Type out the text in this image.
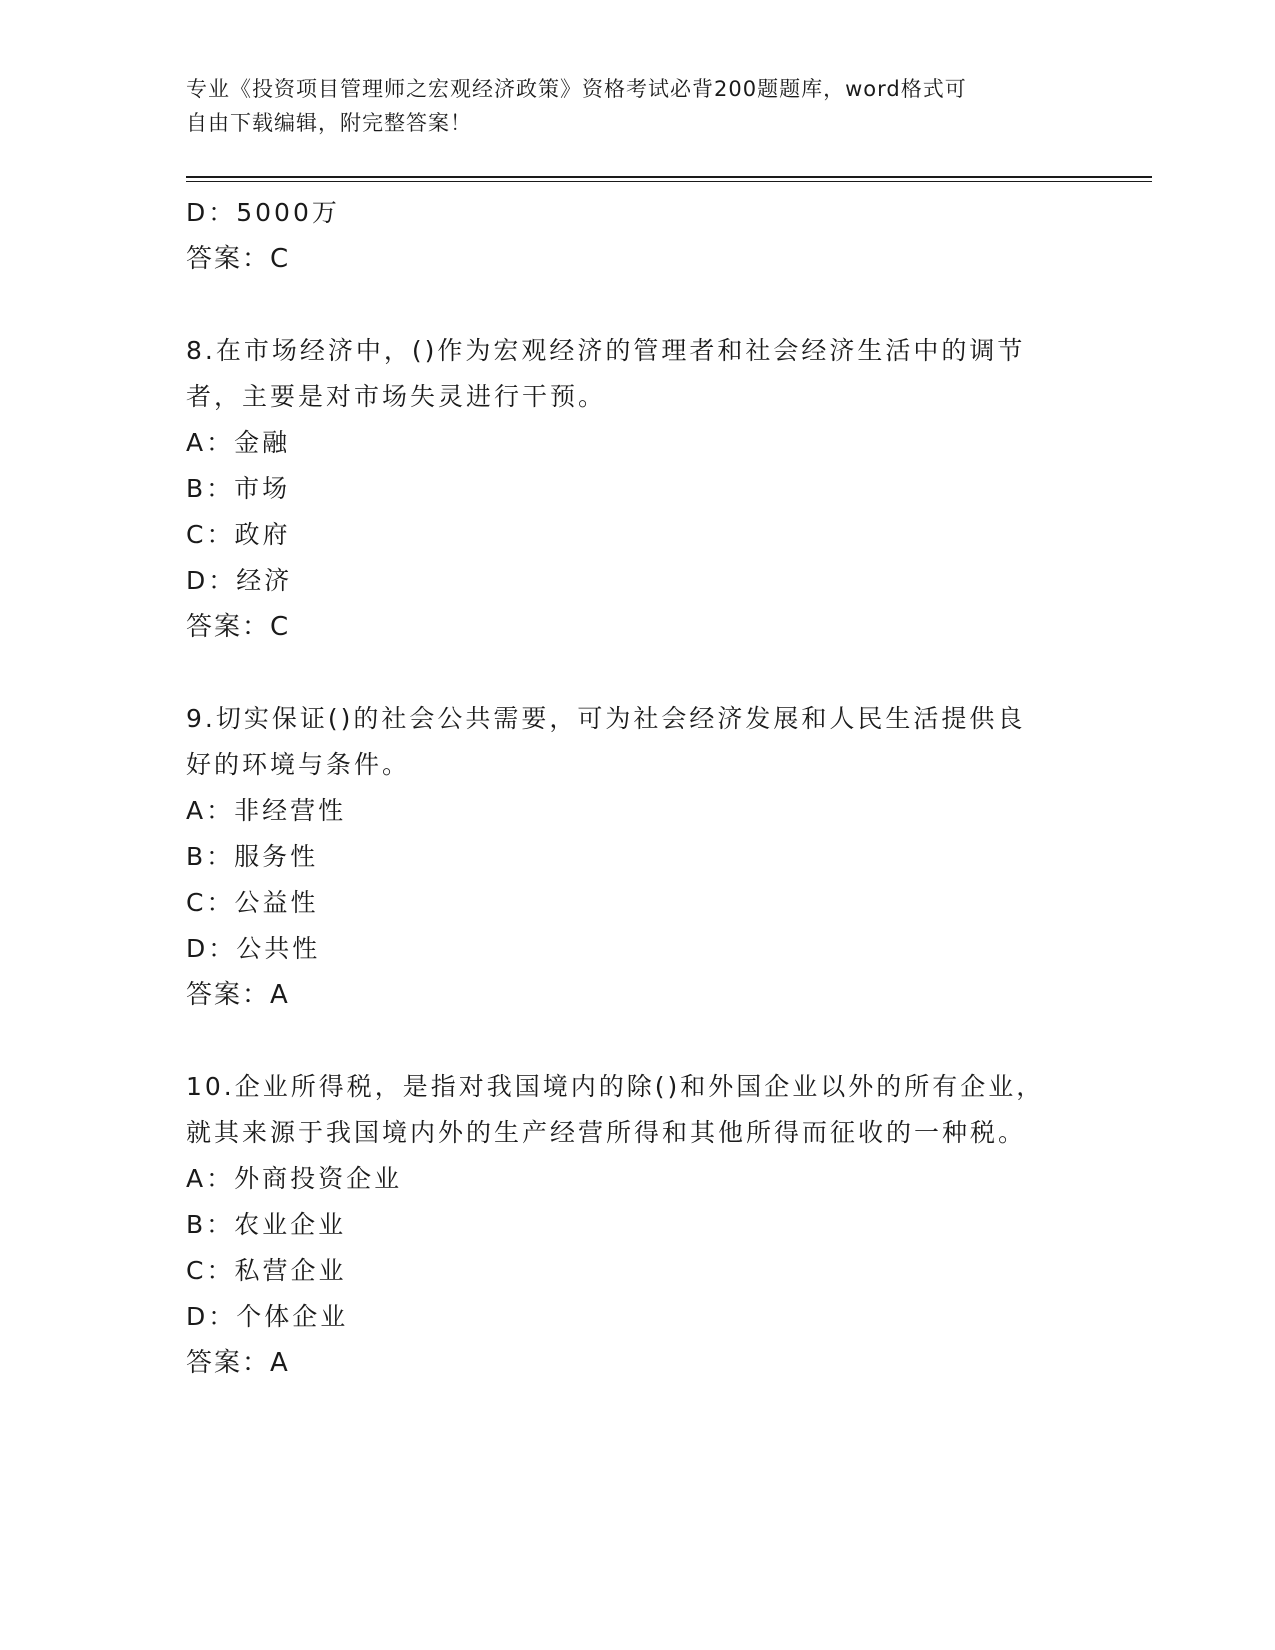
专业《投资项目管理师之宏观经济政策》资格考试必背200题题库，word格式可
自由下载编辑，附完整答案！
D：5000万
答案：C
8.在市场经济中，()作为宏观经济的管理者和社会经济生活中的调节
者，主要是对市场失灵进行干预。
A：金融
B：市场
C：政府
D：经济
答案：C
9.切实保证()的社会公共需要，可为社会经济发展和人民生活提供良
好的环境与条件。
A：非经营性
B：服务性
C：公益性
D：公共性
答案：A
10.企业所得税，是指对我国境内的除()和外国企业以外的所有企业，
就其来源于我国境内外的生产经营所得和其他所得而征收的一种税。
A：外商投资企业
B：农业企业
C：私营企业
D：个体企业
答案：A
